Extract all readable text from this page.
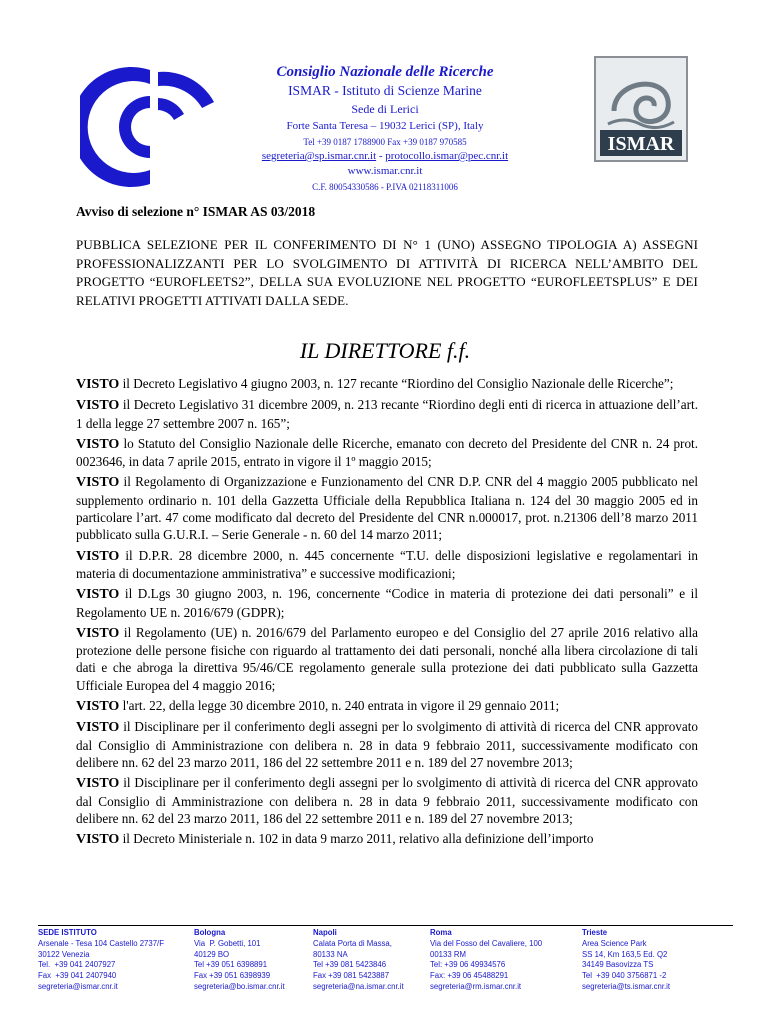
ISMAR
Consiglio Nazionale delle Ricerche
ISMAR - Istituto di Scienze Marine
Sede di Lerici
Forte Santa Teresa – 19032 Lerici (SP), Italy
Tel +39 0187 1788900 Fax +39 0187 970585
segreteria@sp.ismar.cnr.it - protocollo.ismar@pec.cnr.it
www.ismar.cnr.it
C.F. 80054330586 - P.IVA 02118311006
Avviso di selezione n° ISMAR AS 03/2018
PUBBLICA SELEZIONE PER IL CONFERIMENTO DI N° 1 (UNO) ASSEGNO TIPOLOGIA A) ASSEGNI PROFESSIONALIZZANTI PER LO SVOLGIMENTO DI ATTIVITÀ DI RICERCA NELL’AMBITO DEL PROGETTO “EUROFLEETS2”, DELLA SUA EVOLUZIONE NEL PROGETTO “EUROFLEETSPLUS” E DEI RELATIVI PROGETTI ATTIVATI DALLA SEDE.
IL DIRETTORE f.f.

VISTO il Decreto Legislativo 4 giugno 2003, n. 127 recante “Riordino del Consiglio Nazionale delle Ricerche”;

VISTO il Decreto Legislativo 31 dicembre 2009, n. 213 recante “Riordino degli enti di ricerca in attuazione dell’art. 1 della legge 27 settembre 2007 n. 165”;

VISTO lo Statuto del Consiglio Nazionale delle Ricerche, emanato con decreto del Presidente del CNR n. 24 prot. 0023646, in data 7 aprile 2015, entrato in vigore il 1º maggio 2015;

VISTO il Regolamento di Organizzazione e Funzionamento del CNR D.P. CNR del 4 maggio 2005 pubblicato nel supplemento ordinario n. 101 della Gazzetta Ufficiale della Repubblica Italiana n. 124 del 30 maggio 2005 ed in particolare l’art. 47 come modificato dal decreto del Presidente del CNR n.000017, prot. n.21306 dell’8 marzo 2011 pubblicato sulla G.U.R.I. – Serie Generale - n. 60 del 14 marzo 2011;

VISTO il D.P.R. 28 dicembre 2000, n. 445 concernente “T.U. delle disposizioni legislative e regolamentari in materia di documentazione amministrativa” e successive modificazioni;

VISTO il D.Lgs 30 giugno 2003, n. 196, concernente “Codice in materia di protezione dei dati personali” e il Regolamento UE n. 2016/679 (GDPR);

VISTO il Regolamento (UE) n. 2016/679 del Parlamento europeo e del Consiglio del 27 aprile 2016 relativo alla protezione delle persone fisiche con riguardo al trattamento dei dati personali, nonché alla libera circolazione di tali dati e che abroga la direttiva 95/46/CE regolamento generale sulla protezione dei dati pubblicato sulla Gazzetta Ufficiale Europea del 4 maggio 2016;

VISTO l'art. 22, della legge 30 dicembre 2010, n. 240 entrata in vigore il 29 gennaio 2011;

VISTO il Disciplinare per il conferimento degli assegni per lo svolgimento di attività di ricerca del CNR approvato dal Consiglio di Amministrazione con delibera n. 28 in data 9 febbraio 2011, successivamente modificato con delibere nn. 62 del 23 marzo 2011, 186 del 22 settembre 2011 e n. 189 del 27 novembre 2013;

VISTO il Disciplinare per il conferimento degli assegni per lo svolgimento di attività di ricerca del CNR approvato dal Consiglio di Amministrazione con delibera n. 28 in data 9 febbraio 2011, successivamente modificato con delibere nn. 62 del 23 marzo 2011, 186 del 22 settembre 2011 e n. 189 del 27 novembre 2013;

VISTO il Decreto Ministeriale n. 102 in data 9 marzo 2011, relativo alla definizione dell’importo

SEDE ISTITUTO
Arsenale - Tesa 104 Castello 2737/F
30122 Venezia
Tel.  +39 041 2407927
Fax  +39 041 2407940
segreteria@ismar.cnr.it
Bologna
Via  P. Gobetti, 101
40129 BO
Tel +39 051 6398891
Fax +39 051 6398939
segreteria@bo.ismar.cnr.it
Napoli
Calata Porta di Massa,
80133 NA
Tel +39 081 5423846
Fax +39 081 5423887
segreteria@na.ismar.cnr.it
Roma
Via del Fosso del Cavaliere, 100
00133 RM
Tel: +39 06 49934576
Fax: +39 06 45488291
segreteria@rm.ismar.cnr.it
Trieste
Area Science Park
SS 14, Km 163,5 Ed. Q2
34149 Basovizza TS
Tel  +39 040 3756871 -2
segreteria@ts.ismar.cnr.it
